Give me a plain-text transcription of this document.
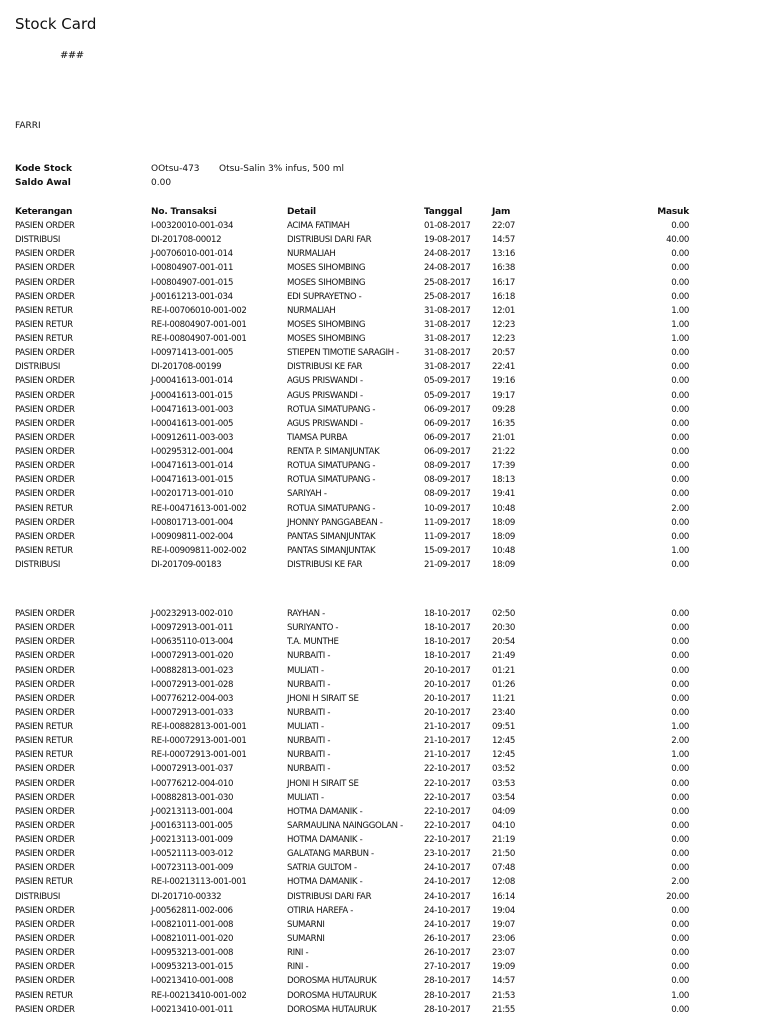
Stock Card
###
FARRI
Kode Stock	OOtsu-473 Otsu-Salin 3% infus, 500 ml
Saldo Awal	0.00
Keterangan	No. Transaksi	Detail	Tanggal	Jam	Masuk
PASIEN ORDER	I-00320010-001-034	ACIMA FATIMAH	01-08-2017	22:07	0.00
DISTRIBUSI	DI-201708-00012	DISTRIBUSI DARI FAR	19-08-2017	14:57	40.00
PASIEN ORDER	J-00706010-001-014	NURMALIAH	24-08-2017	13:16	0.00
PASIEN ORDER	I-00804907-001-011	MOSES SIHOMBING	24-08-2017	16:38	0.00
PASIEN ORDER	I-00804907-001-015	MOSES SIHOMBING	25-08-2017	16:17	0.00
PASIEN ORDER	J-00161213-001-034	EDI SUPRAYETNO -	25-08-2017	16:18	0.00
PASIEN RETUR	RE-I-00706010-001-002	NURMALIAH	31-08-2017	12:01	1.00
PASIEN RETUR	RE-I-00804907-001-001	MOSES SIHOMBING	31-08-2017	12:23	1.00
PASIEN RETUR	RE-I-00804907-001-001	MOSES SIHOMBING	31-08-2017	12:23	1.00
PASIEN ORDER	I-00971413-001-005	STIEPEN TIMOTIE SARAGIH -	31-08-2017	20:57	0.00
DISTRIBUSI	DI-201708-00199	DISTRIBUSI KE FAR	31-08-2017	22:41	0.00
PASIEN ORDER	J-00041613-001-014	AGUS PRISWANDI -	05-09-2017	19:16	0.00
PASIEN ORDER	J-00041613-001-015	AGUS PRISWANDI -	05-09-2017	19:17	0.00
PASIEN ORDER	I-00471613-001-003	ROTUA SIMATUPANG -	06-09-2017	09:28	0.00
PASIEN ORDER	I-00041613-001-005	AGUS PRISWANDI -	06-09-2017	16:35	0.00
PASIEN ORDER	I-00912611-003-003	TIAMSA PURBA	06-09-2017	21:01	0.00
PASIEN ORDER	I-00295312-001-004	RENTA P. SIMANJUNTAK	06-09-2017	21:22	0.00
PASIEN ORDER	I-00471613-001-014	ROTUA SIMATUPANG -	08-09-2017	17:39	0.00
PASIEN ORDER	I-00471613-001-015	ROTUA SIMATUPANG -	08-09-2017	18:13	0.00
PASIEN ORDER	I-00201713-001-010	SARIYAH -	08-09-2017	19:41	0.00
PASIEN RETUR	RE-I-00471613-001-002	ROTUA SIMATUPANG -	10-09-2017	10:48	2.00
PASIEN ORDER	I-00801713-001-004	JHONNY PANGGABEAN -	11-09-2017	18:09	0.00
PASIEN ORDER	I-00909811-002-004	PANTAS SIMANJUNTAK	11-09-2017	18:09	0.00
PASIEN RETUR	RE-I-00909811-002-002	PANTAS SIMANJUNTAK	15-09-2017	10:48	1.00
DISTRIBUSI	DI-201709-00183	DISTRIBUSI KE FAR	21-09-2017	18:09	0.00
PASIEN ORDER	J-00232913-002-010	RAYHAN -	18-10-2017	02:50	0.00
PASIEN ORDER	I-00972913-001-011	SURIYANTO -	18-10-2017	20:30	0.00
PASIEN ORDER	I-00635110-013-004	T.A. MUNTHE	18-10-2017	20:54	0.00
PASIEN ORDER	I-00072913-001-020	NURBAITI -	18-10-2017	21:49	0.00
PASIEN ORDER	I-00882813-001-023	MULIATI -	20-10-2017	01:21	0.00
PASIEN ORDER	I-00072913-001-028	NURBAITI -	20-10-2017	01:26	0.00
PASIEN ORDER	I-00776212-004-003	JHONI H SIRAIT SE	20-10-2017	11:21	0.00
PASIEN ORDER	I-00072913-001-033	NURBAITI -	20-10-2017	23:40	0.00
PASIEN RETUR	RE-I-00882813-001-001	MULIATI -	21-10-2017	09:51	1.00
PASIEN RETUR	RE-I-00072913-001-001	NURBAITI -	21-10-2017	12:45	2.00
PASIEN RETUR	RE-I-00072913-001-001	NURBAITI -	21-10-2017	12:45	1.00
PASIEN ORDER	I-00072913-001-037	NURBAITI -	22-10-2017	03:52	0.00
PASIEN ORDER	I-00776212-004-010	JHONI H SIRAIT SE	22-10-2017	03:53	0.00
PASIEN ORDER	I-00882813-001-030	MULIATI -	22-10-2017	03:54	0.00
PASIEN ORDER	J-00213113-001-004	HOTMA DAMANIK -	22-10-2017	04:09	0.00
PASIEN ORDER	J-00163113-001-005	SARMAULINA NAINGGOLAN - 22-10-2017	04:10	0.00
PASIEN ORDER	J-00213113-001-009	HOTMA DAMANIK -	22-10-2017	21:19	0.00
PASIEN ORDER	I-00521113-003-012	GALATANG MARBUN -	23-10-2017	21:50	0.00
PASIEN ORDER	I-00723113-001-009	SATRIA GULTOM -	24-10-2017	07:48	0.00
PASIEN RETUR	RE-I-00213113-001-001	HOTMA DAMANIK -	24-10-2017	12:08	2.00
DISTRIBUSI	DI-201710-00332	DISTRIBUSI DARI FAR	24-10-2017	16:14	20.00
PASIEN ORDER	J-00562811-002-006	OTIRIA HAREFA -	24-10-2017	19:04	0.00
PASIEN ORDER	I-00821011-001-008	SUMARNI	24-10-2017	19:07	0.00
PASIEN ORDER	I-00821011-001-020	SUMARNI	26-10-2017	23:06	0.00
PASIEN ORDER	I-00953213-001-008	RINI -	26-10-2017	23:07	0.00
PASIEN ORDER	I-00953213-001-015	RINI -	27-10-2017	19:09	0.00
PASIEN ORDER	I-00213410-001-008	DOROSMA HUTAURUK	28-10-2017	14:57	0.00
PASIEN RETUR	RE-I-00213410-001-002	DOROSMA HUTAURUK	28-10-2017	21:53	1.00
PASIEN ORDER	I-00213410-001-011	DOROSMA HUTAURUK	28-10-2017	21:55	0.00
